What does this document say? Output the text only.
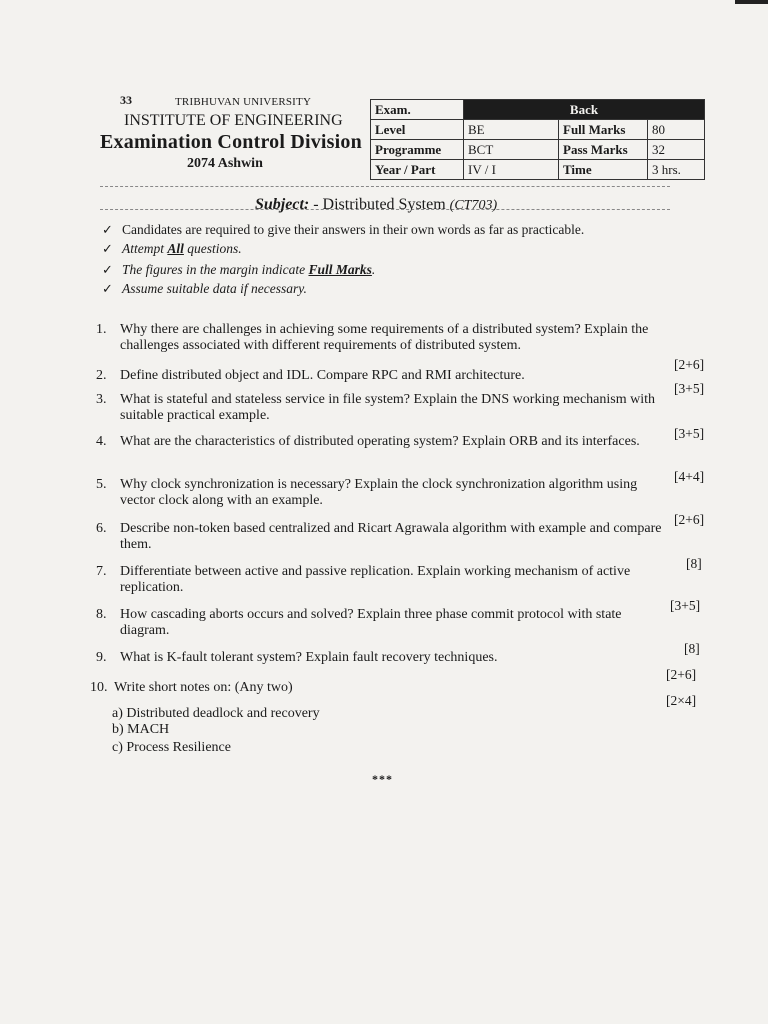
33	TRIBHUVAN UNIVERSITY
INSTITUTE OF ENGINEERING
Examination Control Division
2074 Ashwin
Exam.	Back		
Level	BE	Full Marks	80
Programme	BCT	Pass Marks	32
Year / Part	IV / I	Time	3 hrs.
Subject: - Distributed System (CT703)
✓ Candidates are required to give their answers in their own words as far as practicable.
✓ Attempt All questions.
✓ The figures in the margin indicate Full Marks.
✓ Assume suitable data if necessary.
1. Why there are challenges in achieving some requirements of a distributed system? Explain the challenges associated with different requirements of distributed system.
[2+6]
2. Define distributed object and IDL. Compare RPC and RMI architecture.
[3+5]
3. What is stateful and stateless service in file system? Explain the DNS working mechanism with suitable practical example.
[3+5]
4. What are the characteristics of distributed operating system? Explain ORB and its interfaces.
[4+4]
5. Why clock synchronization is necessary? Explain the clock synchronization algorithm using vector clock along with an example.
[2+6]
6. Describe non-token based centralized and Ricart Agrawala algorithm with example and compare them.
[8]
7. Differentiate between active and passive replication. Explain working mechanism of active replication.
[3+5]
8. How cascading aborts occurs and solved? Explain three phase commit protocol with state diagram.
[8]
9. What is K-fault tolerant system? Explain fault recovery techniques.
[2+6]
10. Write short notes on: (Any two)
[2×4]
a) Distributed deadlock and recovery
b) MACH
c) Process Resilience
***
